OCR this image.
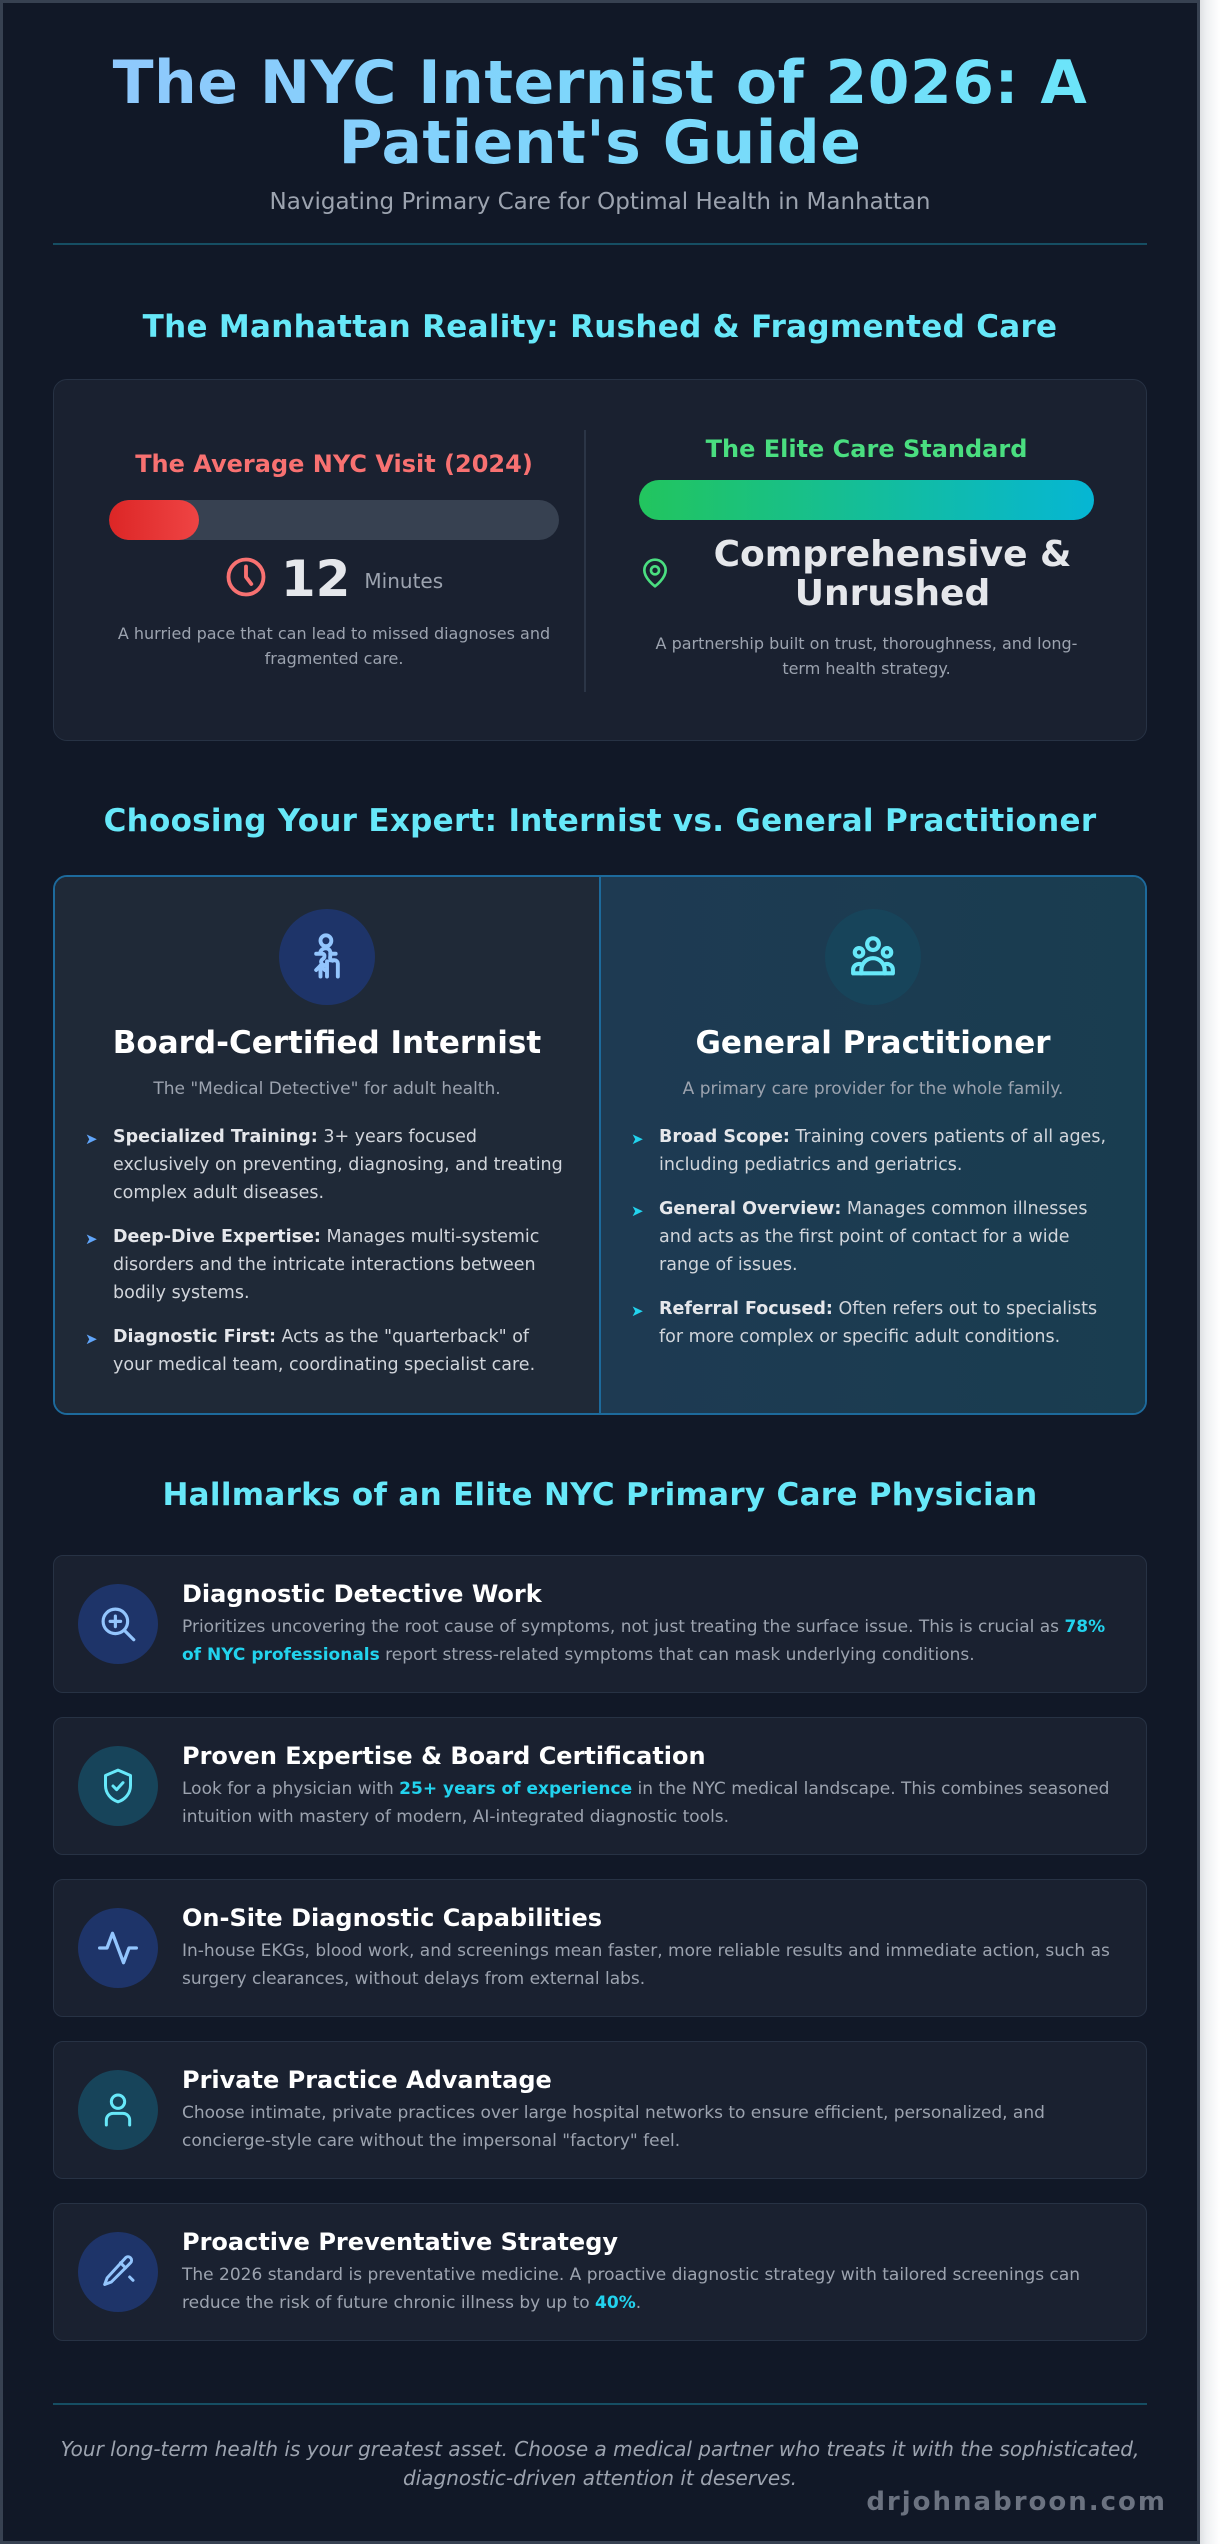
The NYC Internist of 2026: A Patient's Guide
Navigating Primary Care for Optimal Health in Manhattan
The Manhattan Reality: Rushed & Fragmented Care
The Average NYC Visit (2024)
12 Minutes

A hurried pace that can lead to missed diagnoses and fragmented care.

The Elite Care Standard
Comprehensive & Unrushed

A partnership built on trust, thoroughness, and long-term health strategy.

Choosing Your Expert: Internist vs. General Practitioner
Board-Certified Internist

The "Medical Detective" for adult health.

➤ Specialized Training: 3+ years focused exclusively on preventing, diagnosing, and treating complex adult diseases.
➤ Deep-Dive Expertise: Manages multi-systemic disorders and the intricate interactions between bodily systems.
➤ Diagnostic First: Acts as the "quarterback" of your medical team, coordinating specialist care.
General Practitioner

A primary care provider for the whole family.

➤ Broad Scope: Training covers patients of all ages, including pediatrics and geriatrics.
➤ General Overview: Manages common illnesses and acts as the first point of contact for a wide range of issues.
➤ Referral Focused: Often refers out to specialists for more complex or specific adult conditions.
Hallmarks of an Elite NYC Primary Care Physician
Diagnostic Detective Work

Prioritizes uncovering the root cause of symptoms, not just treating the surface issue. This is crucial as 78% of NYC professionals report stress-related symptoms that can mask underlying conditions.

Proven Expertise & Board Certification

Look for a physician with 25+ years of experience in the NYC medical landscape. This combines seasoned intuition with mastery of modern, AI-integrated diagnostic tools.

On-Site Diagnostic Capabilities

In-house EKGs, blood work, and screenings mean faster, more reliable results and immediate action, such as surgery clearances, without delays from external labs.

Private Practice Advantage

Choose intimate, private practices over large hospital networks to ensure efficient, personalized, and concierge-style care without the impersonal "factory" feel.

Proactive Preventative Strategy

The 2026 standard is preventative medicine. A proactive diagnostic strategy with tailored screenings can reduce the risk of future chronic illness by up to 40%.

Your long-term health is your greatest asset. Choose a medical partner who treats it with the sophisticated, diagnostic-driven attention it deserves.

drjohnabroon.com
